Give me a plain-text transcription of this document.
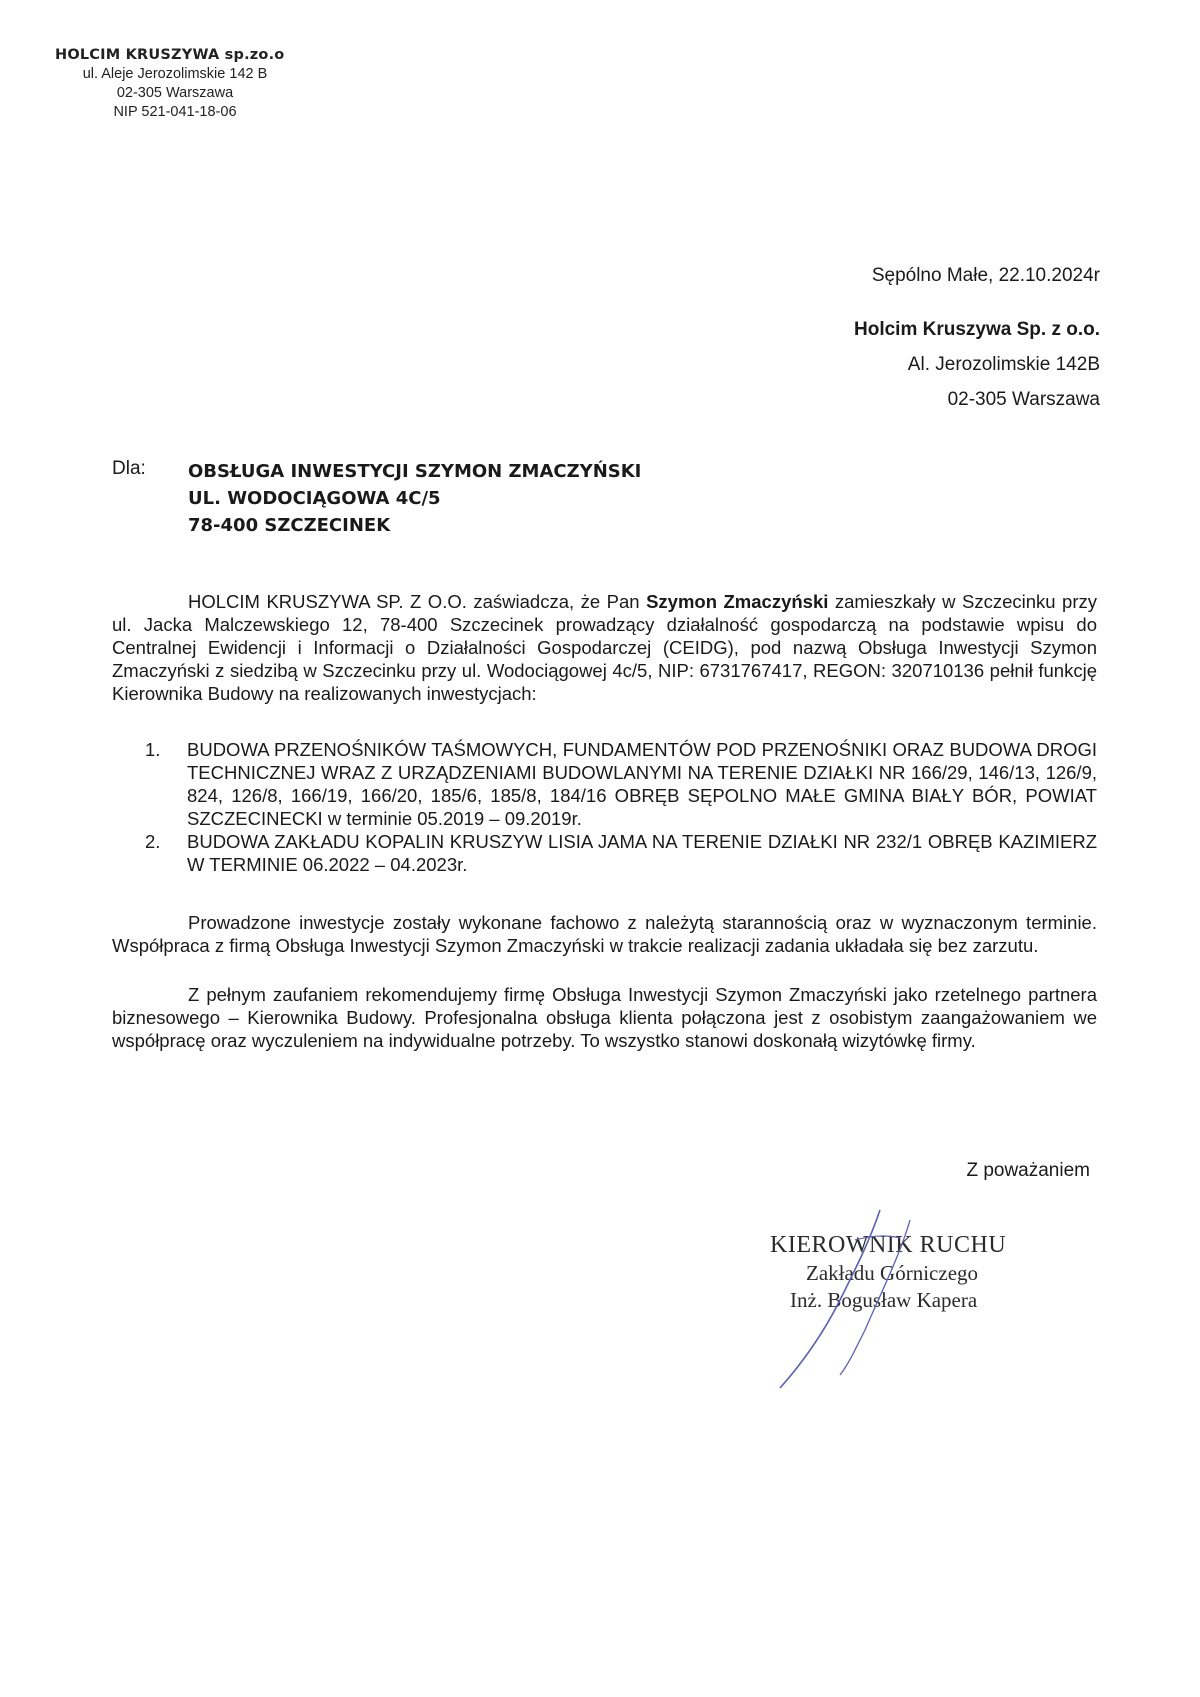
HOLCIM KRUSZYWA sp.zo.o
ul. Aleje Jerozolimskie 142 B
02-305 Warszawa
NIP 521-041-18-06
Sępólno Małe, 22.10.2024r
Holcim Kruszywa Sp. z o.o.
Al. Jerozolimskie 142B
02-305 Warszawa
Dla: OBSŁUGA INWESTYCJI SZYMON ZMACZYŃSKI
UL. WODOCIĄGOWA 4C/5
78-400 SZCZECINEK
HOLCIM KRUSZYWA SP. Z O.O. zaświadcza, że Pan Szymon Zmaczyński zamieszkały w Szczecinku przy ul. Jacka Malczewskiego 12, 78-400 Szczecinek prowadzący działalność gospodarczą na podstawie wpisu do Centralnej Ewidencji i Informacji o Działalności Gospodarczej (CEIDG), pod nazwą Obsługa Inwestycji Szymon Zmaczyński z siedzibą w Szczecinku przy ul. Wodociągowej 4c/5, NIP: 6731767417, REGON: 320710136 pełnił funkcję Kierownika Budowy na realizowanych inwestycjach:
1. BUDOWA PRZENOŚNIKÓW TAŚMOWYCH, FUNDAMENTÓW POD PRZENOŚNIKI ORAZ BUDOWA DROGI TECHNICZNEJ WRAZ Z URZĄDZENIAMI BUDOWLANYMI NA TERENIE DZIAŁKI NR 166/29, 146/13, 126/9, 824, 126/8, 166/19, 166/20, 185/6, 185/8, 184/16 OBRĘB SĘPOLNO MAŁE GMINA BIAŁY BÓR, POWIAT SZCZECINECKI w terminie 05.2019 – 09.2019r.
2. BUDOWA ZAKŁADU KOPALIN KRUSZYW LISIA JAMA NA TERENIE DZIAŁKI NR 232/1 OBRĘB KAZIMIERZ W TERMINIE 06.2022 – 04.2023r.
Prowadzone inwestycje zostały wykonane fachowo z należytą starannością oraz w wyznaczonym terminie. Współpraca z firmą Obsługa Inwestycji Szymon Zmaczyński w trakcie realizacji zadania układała się bez zarzutu.
Z pełnym zaufaniem rekomendujemy firmę Obsługa Inwestycji Szymon Zmaczyński jako rzetelnego partnera biznesowego – Kierownika Budowy. Profesjonalna obsługa klienta połączona jest z osobistym zaangażowaniem we współpracę oraz wyczuleniem na indywidualne potrzeby. To wszystko stanowi doskonałą wizytówkę firmy.
Z poważaniem
KIEROWNIK RUCHU
Zakładu Górniczego
Inż. Bogusław Kapera
